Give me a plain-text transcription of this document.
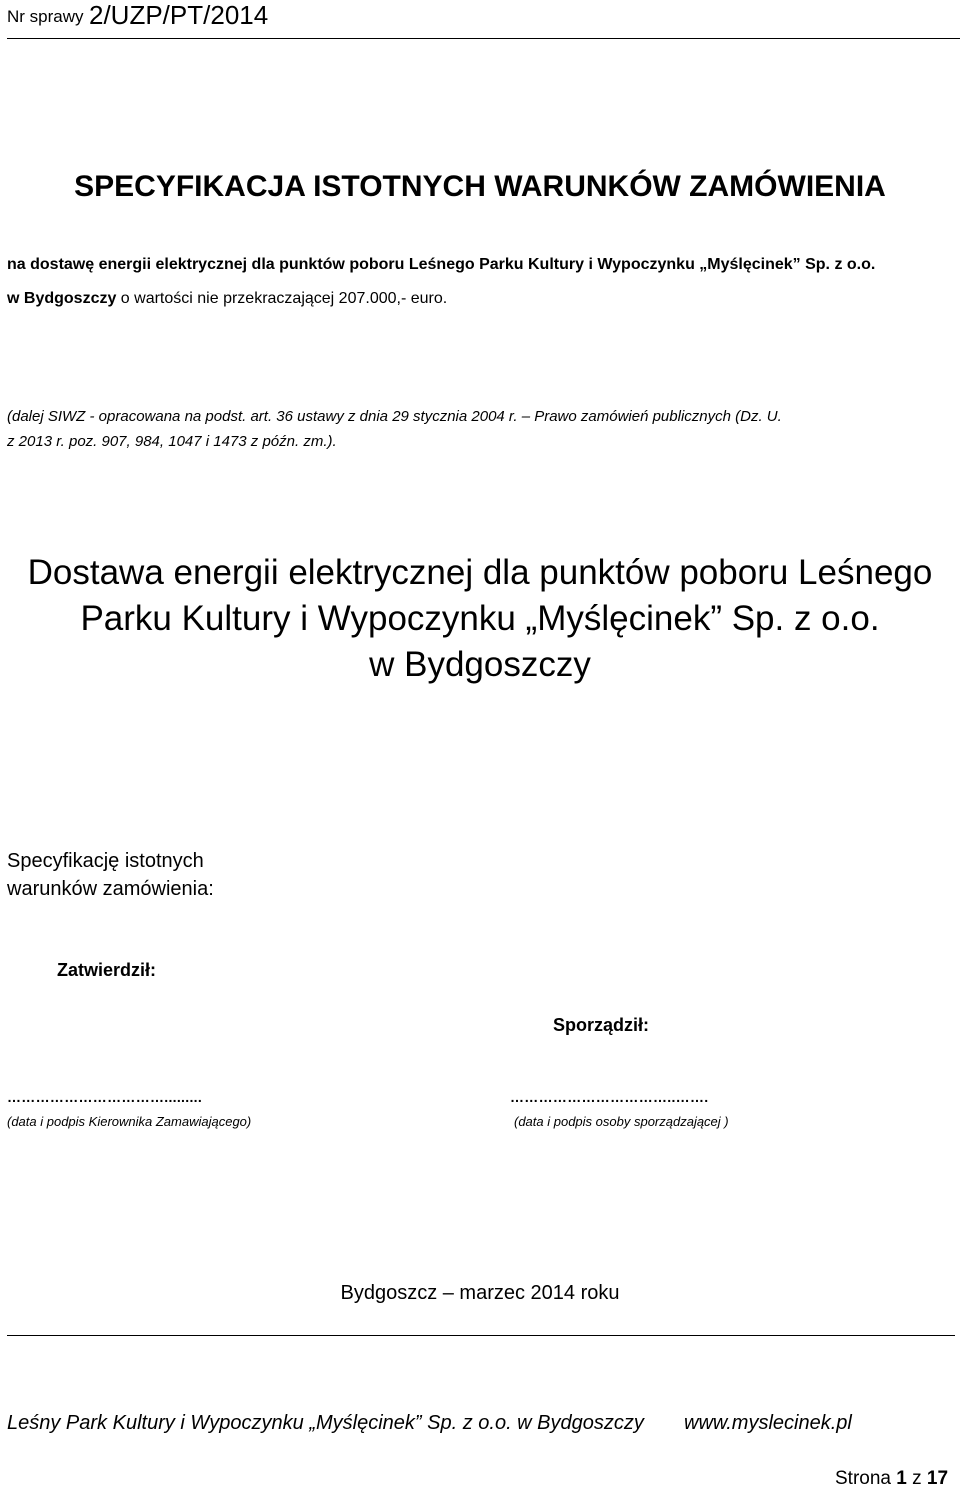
Nr sprawy 2/UZP/PT/2014
SPECYFIKACJA ISTOTNYCH WARUNKÓW ZAMÓWIENIA
na dostawę energii elektrycznej dla punktów poboru Leśnego Parku Kultury i Wypoczynku „Myślęcinek” Sp. z o.o.
w Bydgoszczy o wartości nie przekraczającej 207.000,- euro.
(dalej SIWZ - opracowana na podst. art. 36 ustawy z dnia 29 stycznia 2004 r. – Prawo zamówień publicznych (Dz. U.
z 2013 r. poz. 907, 984, 1047 i 1473 z późn. zm.).
Dostawa energii elektrycznej dla punktów poboru Leśnego
Parku Kultury i Wypoczynku „Myślęcinek” Sp. z o.o.
w Bydgoszczy
Specyfikację istotnych
warunków zamówienia:
Zatwierdził:
Sporządził:
…………………………….........	……………………………..…….
(data i podpis Kierownika Zamawiającego)	(data i podpis osoby sporządzającej )
Bydgoszcz – marzec 2014 roku
Leśny Park Kultury i Wypoczynku „Myślęcinek” Sp. z o.o. w Bydgoszczy www.myslecinek.pl
Strona 1 z 17
